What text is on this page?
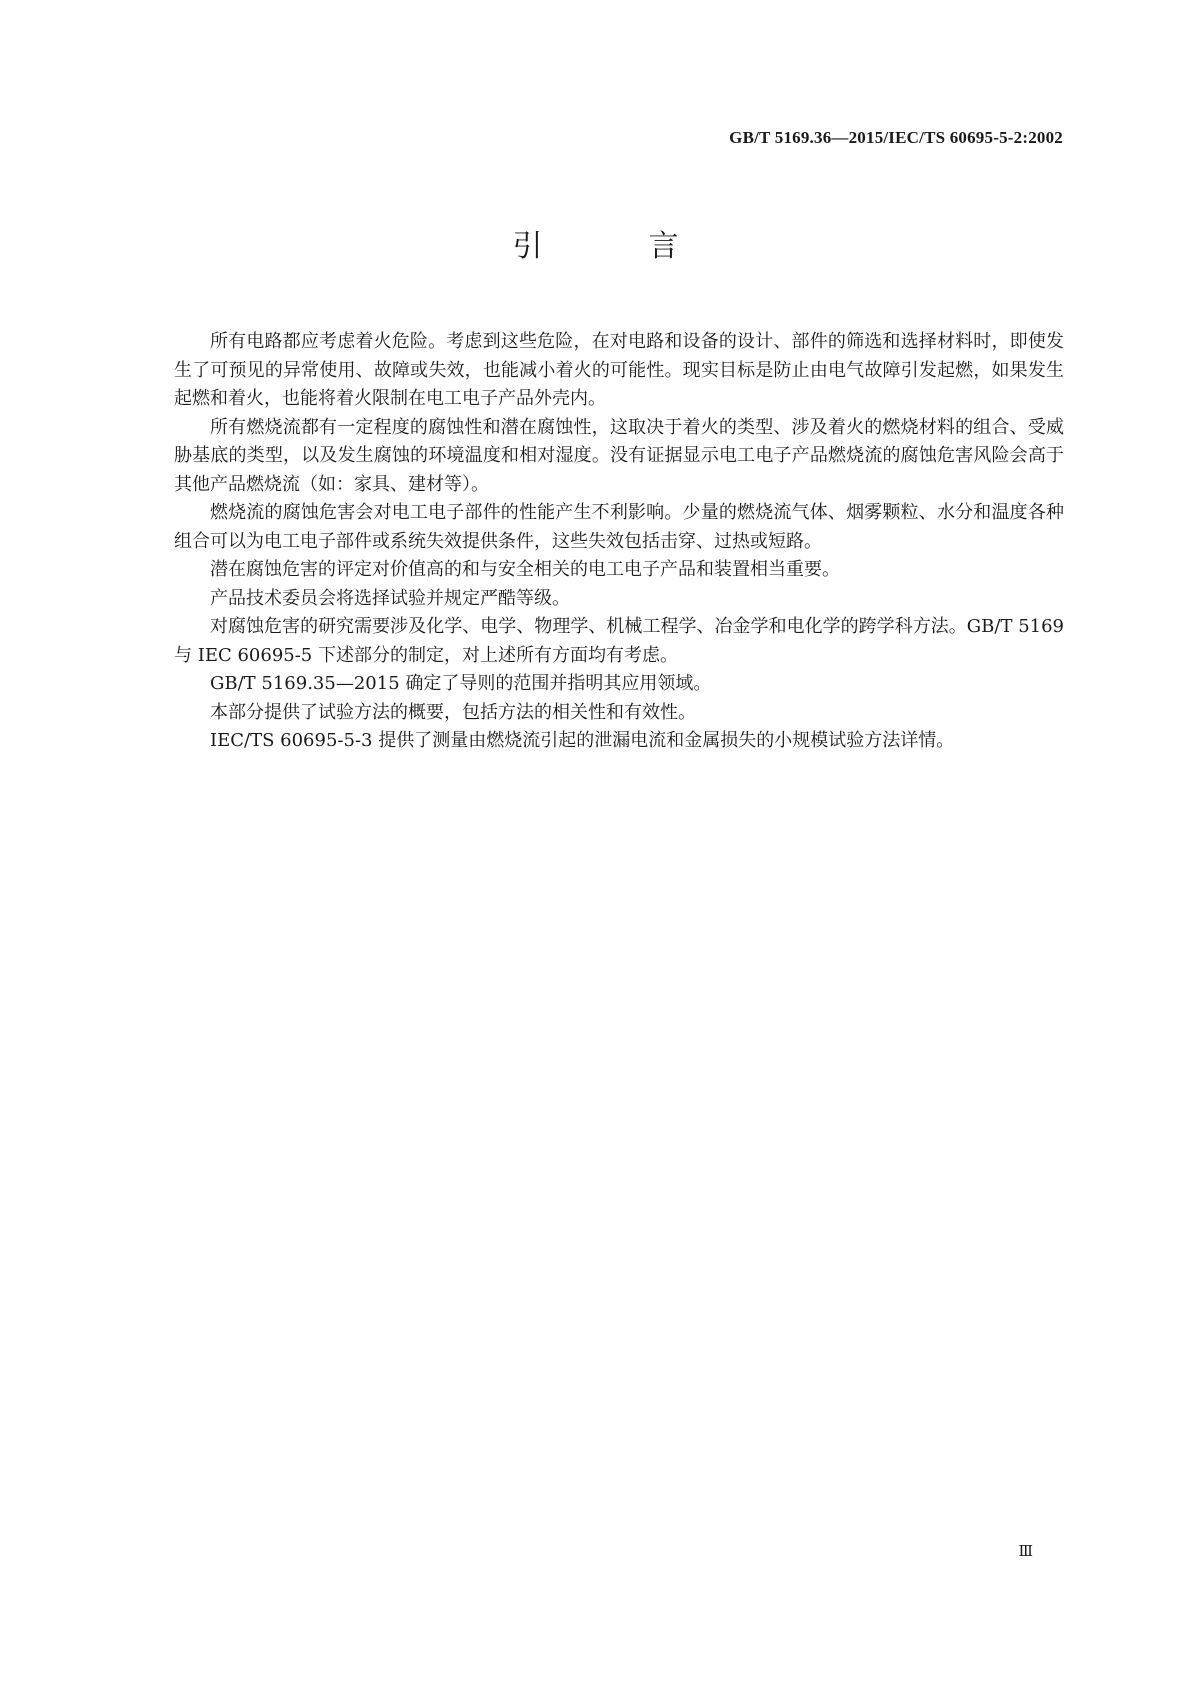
GB/T 5169.36—2015/IEC/TS 60695-5-2:2002
引　言

所有电路都应考虑着火危险。考虑到这些危险，在对电路和设备的设计、部件的筛选和选择材料时，即使发生了可预见的异常使用、故障或失效，也能减小着火的可能性。现实目标是防止由电气故障引发起燃，如果发生起燃和着火，也能将着火限制在电工电子产品外壳内。

所有燃烧流都有一定程度的腐蚀性和潜在腐蚀性，这取决于着火的类型、涉及着火的燃烧材料的组合、受威胁基底的类型，以及发生腐蚀的环境温度和相对湿度。没有证据显示电工电子产品燃烧流的腐蚀危害风险会高于其他产品燃烧流（如：家具、建材等）。

燃烧流的腐蚀危害会对电工电子部件的性能产生不利影响。少量的燃烧流气体、烟雾颗粒、水分和温度各种组合可以为电工电子部件或系统失效提供条件，这些失效包括击穿、过热或短路。

潜在腐蚀危害的评定对价值高的和与安全相关的电工电子产品和装置相当重要。

产品技术委员会将选择试验并规定严酷等级。

对腐蚀危害的研究需要涉及化学、电学、物理学、机械工程学、冶金学和电化学的跨学科方法。GB/T 5169与 IEC 60695-5 下述部分的制定，对上述所有方面均有考虑。

GB/T 5169.35—2015 确定了导则的范围并指明其应用领域。

本部分提供了试验方法的概要，包括方法的相关性和有效性。

IEC/TS 60695-5-3 提供了测量由燃烧流引起的泄漏电流和金属损失的小规模试验方法详情。

Ⅲ
